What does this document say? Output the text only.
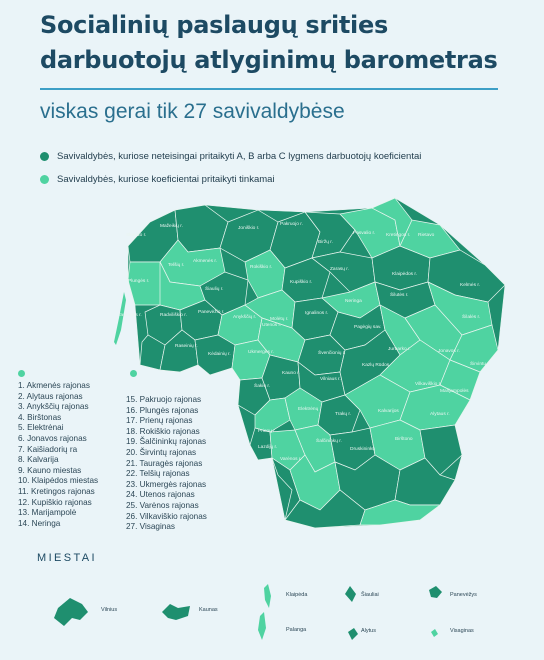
Socialinių paslaugų srities
darbuotojų atlyginimų barometras
viskas gerai tik 27 savivaldybėse
Savivaldybės, kuriose neteisingai pritaikyti A, B arba C lygmens darbuotojų koeficientai
Savivaldybės, kuriose koeficientai pritaikyti tinkamai
Skuodo r.
Mažeikių r.
Akmenės r.
Joniškio r.
Pakruojo r.
Biržų r.
Pasvalio r. Kretingos r.
Plungės r.
Telšių r.
Šiaulių r.
Rokiškio r.
Kupiškio r.
Zarasų r.
Klaipėdos r.
Rietavo
Kelmės r.
Radviliškio r.
Panevėžio r.
Anykščių r.
Utenos r.
Ignalinos r.
Neringa
Šilutės r.
Šilalės r.
Tauragės r.
Raseinių r.
Kėdainių r.	Ukmergės r.
Molėtų r.
Švenčionių r.
Pagėgių sav.
Jurbarko r.	Jonavos r.
Širvintų r.
Šakių r.
Kauno r.
Vilniaus r.
Kazlų Rūdos
Vilkaviškio r.
Marijampolės
Prienų r.
Elektrėnų
Trakų r.
Kalvarijos
Alytaus r.
Lazdijų r.
Varėnos r.
Šalčininkų r.
Druskininkų
Birštono
1. Akmenės rajonas
2. Alytaus rajonas
3. Anykščių rajonas
4. Birštonas
5. Elektrėnai
6. Jonavos rajonas
7. Kaišiadorių ra
8. Kalvarija
9. Kauno miestas
10. Klaipėdos miestas
11. Kretingos rajonas
12. Kupiškio rajonas
13. Marijampolė
14. Neringa
15. Pakruojo rajonas
16. Plungės rajonas
17. Prienų rajonas
18. Rokiškio rajonas
19. Šalčininkų rajonas
20. Širvintų rajonas
21. Tauragės rajonas
22. Telšių rajonas
23. Ukmergės rajonas
24. Utenos rajonas
25. Varėnos rajonas
26. Vilkaviškio rajonas
27. Visaginas
MIESTAI
Vilnius	Kaunas
Klaipėda	Šiauliai	Panevėžys
Palanga	Alytus	Visaginas
